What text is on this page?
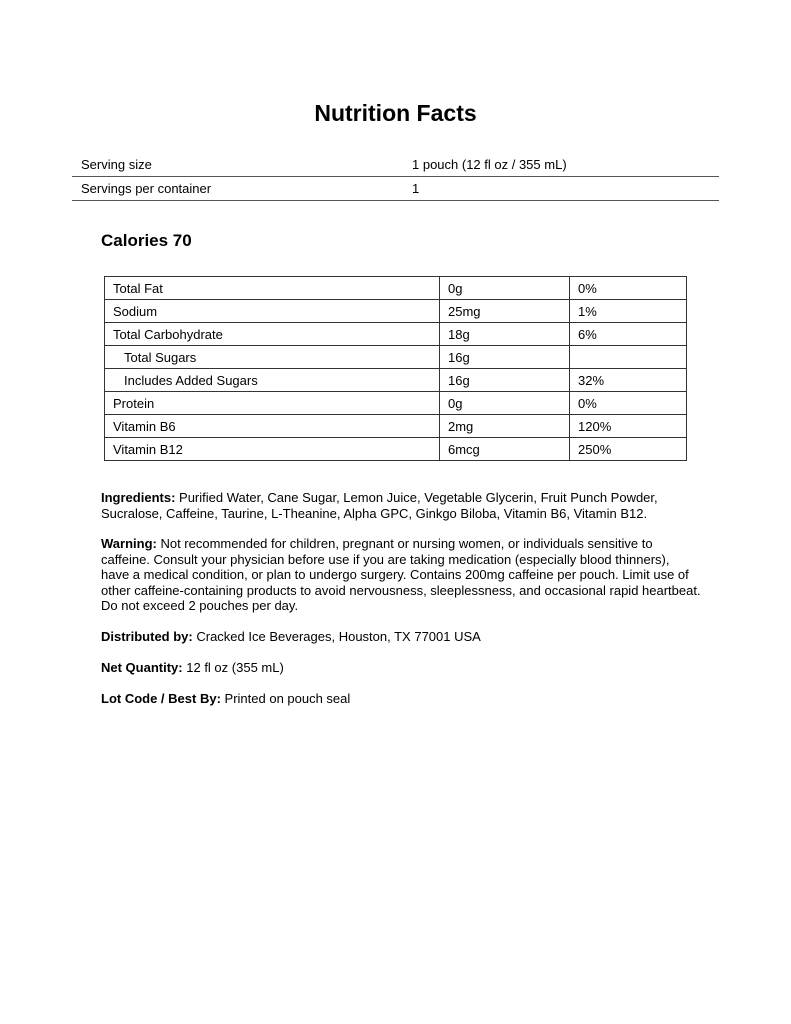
Nutrition Facts
Serving size	1 pouch (12 fl oz / 355 mL)
Servings per container	1
Calories 70
Total Fat	0g	0%
Sodium	25mg	1%
Total Carbohydrate	18g	6%
Total Sugars	16g	
Includes Added Sugars	16g	32%
Protein	0g	0%
Vitamin B6	2mg	120%
Vitamin B12	6mcg	250%

Ingredients: Purified Water, Cane Sugar, Lemon Juice, Vegetable Glycerin, Fruit Punch Powder, Sucralose, Caffeine, Taurine, L-Theanine, Alpha GPC, Ginkgo Biloba, Vitamin B6, Vitamin B12.

Warning: Not recommended for children, pregnant or nursing women, or individuals sensitive to caffeine. Consult your physician before use if you are taking medication (especially blood thinners), have a medical condition, or plan to undergo surgery. Contains 200mg caffeine per pouch. Limit use of other caffeine-containing products to avoid nervousness, sleeplessness, and occasional rapid heartbeat. Do not exceed 2 pouches per day.

Distributed by: Cracked Ice Beverages, Houston, TX 77001 USA

Net Quantity: 12 fl oz (355 mL)

Lot Code / Best By: Printed on pouch seal
